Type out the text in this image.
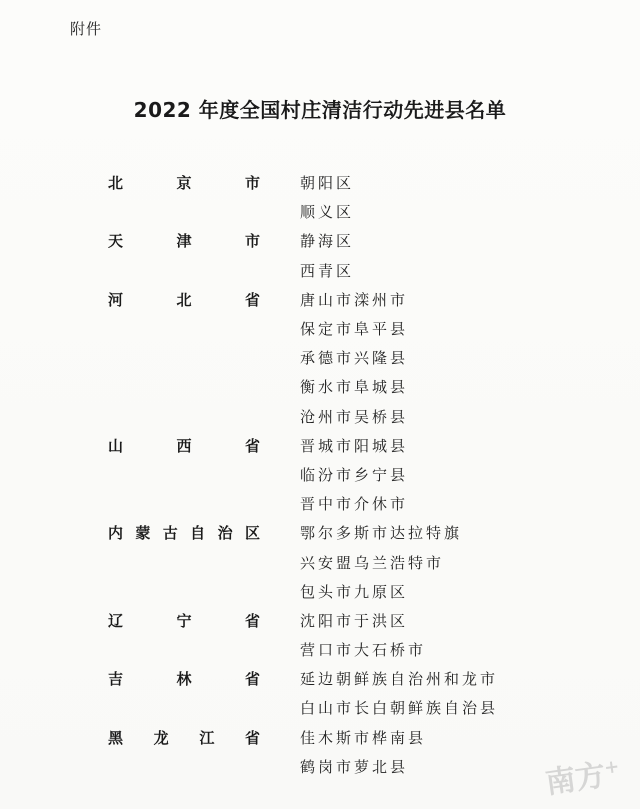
附件
2022 年度全国村庄清洁行动先进县名单
北	京	市	朝阳区
顺义区
天	津	市	静海区
西青区
河	北	省	唐山市滦州市
保定市阜平县
承德市兴隆县
衡水市阜城县
沧州市吴桥县
山	西	省	晋城市阳城县
临汾市乡宁县
晋中市介休市
内 蒙 古 自 治 区	鄂尔多斯市达拉特旗
兴安盟乌兰浩特市
包头市九原区
辽	宁	省	沈阳市于洪区
营口市大石桥市
吉	林	省	延边朝鲜族自治州和龙市
白山市长白朝鲜族自治县
黑 龙 江 省	佳木斯市桦南县
鹤岗市萝北县	南方+
